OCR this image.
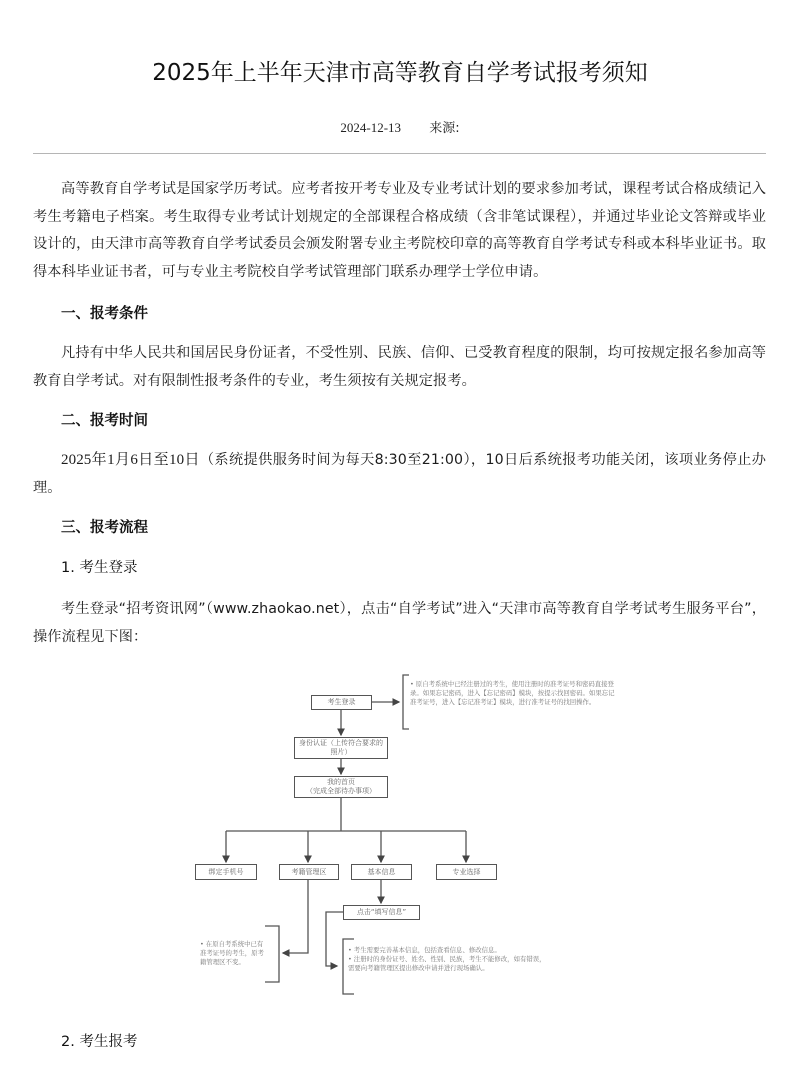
2025年上半年天津市高等教育自学考试报考须知
2024-12-13 来源:

高等教育自学考试是国家学历考试。应考者按开考专业及专业考试计划的要求参加考试，课程考试合格成绩记入考生考籍电子档案。考生取得专业考试计划规定的全部课程合格成绩（含非笔试课程），并通过毕业论文答辩或毕业设计的，由天津市高等教育自学考试委员会颁发附署专业主考院校印章的高等教育自学考试专科或本科毕业证书。取得本科毕业证书者，可与专业主考院校自学考试管理部门联系办理学士学位申请。

一、报考条件

凡持有中华人民共和国居民身份证者，不受性别、民族、信仰、已受教育程度的限制，均可按规定报名参加高等教育自学考试。对有限制性报考条件的专业，考生须按有关规定报考。

二、报考时间

2025年1月6日至10日（系统提供服务时间为每天8:30至21:00），10日后系统报考功能关闭，该项业务停止办理。

三、报考流程
1. 考生登录

考生登录“招考资讯网”（www.zhaokao.net），点击“自学考试”进入“天津市高等教育自学考试考生服务平台”，操作流程见下图：

考生登录
• 原自考系统中已经注册过的考生，使用注册时的准考证号和密码直接登录。如果忘记密码，进入【忘记密码】模块，按提示找回密码。如果忘记准考证号，进入【忘记准考证】模块，进行准考证号的找回操作。
身份认证（上传符合要求的照片）
我的首页
（完成全部待办事项）
绑定手机号	考籍管理区	基本信息	专业选择
点击“填写信息”
• 在原自考系统中已有准考证号的考生，原考籍管理区不变。
• 考生需要完善基本信息，包括查看信息、修改信息。
• 注册时的身份证号、姓名、性别、民族，考生不能修改，如有错误，需要向考籍管理区提出修改申请并进行现场确认。
2. 考生报考
